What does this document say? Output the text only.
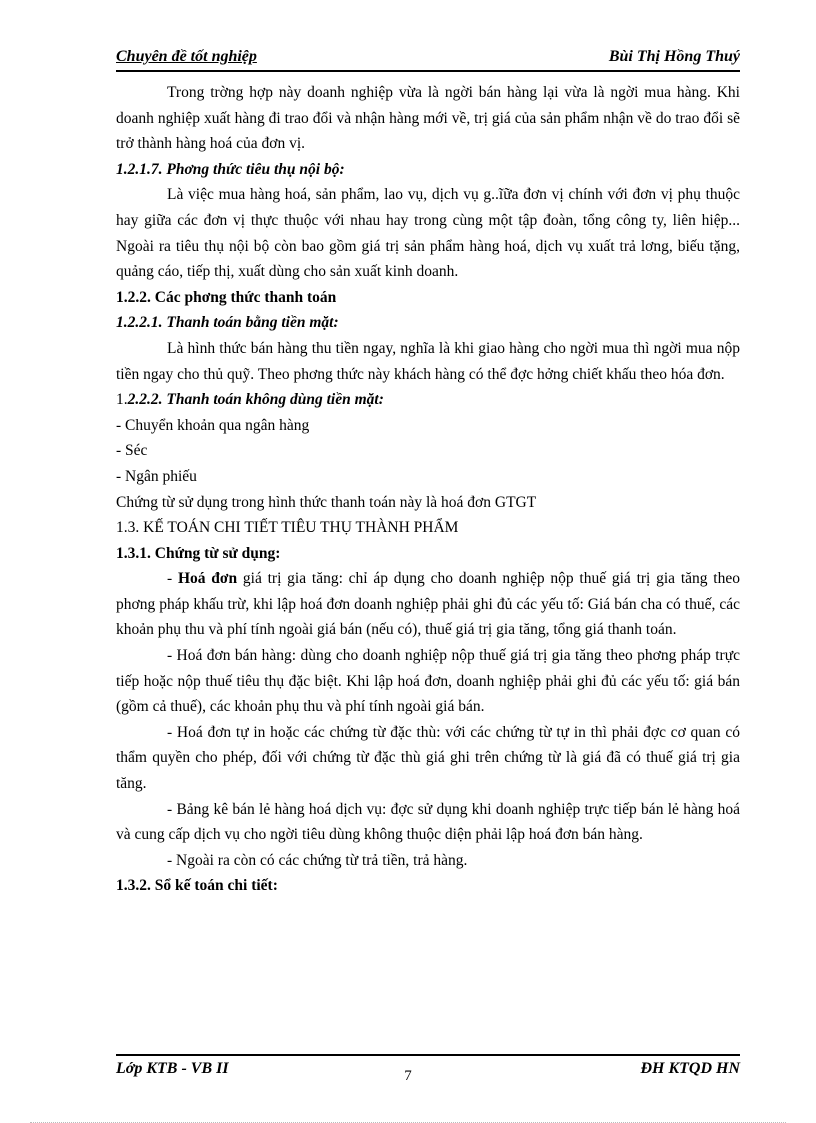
Chuyên đề tốt nghiệp	Bùi Thị Hồng Thuý

Trong trờng hợp này doanh nghiệp vừa là ngời bán hàng lại vừa là ngời mua hàng. Khi doanh nghiệp xuất hàng đi trao đổi và nhận hàng mới về, trị giá của sản phẩm nhận về do trao đổi sẽ trở thành hàng hoá của đơn vị.

1.2.1.7. Phơng thức tiêu thụ nội bộ:

Là việc mua hàng hoá, sản phẩm, lao vụ, dịch vụ g..ĩữa đơn vị chính với đơn vị phụ thuộc hay giữa các đơn vị thực thuộc với nhau hay trong cùng một tập đoàn, tổng công ty, liên hiệp... Ngoài ra tiêu thụ nội bộ còn bao gồm giá trị sản phẩm hàng hoá, dịch vụ xuất trả lơng, biếu tặng, quảng cáo, tiếp thị, xuất dùng cho sản xuất kinh doanh.

1.2.2. Các phơng thức thanh toán

1.2.2.1. Thanh toán bằng tiền mặt:

Là hình thức bán hàng thu tiền ngay, nghĩa là khi giao hàng cho ngời mua thì ngời mua nộp tiền ngay cho thủ quỹ. Theo phơng thức này khách hàng có thể đợc hởng chiết khấu theo hóa đơn.

1.2.2.2. Thanh toán không dùng tiền mặt:

- Chuyển khoản qua ngân hàng

- Séc

- Ngân phiếu

Chứng từ sử dụng trong hình thức thanh toán này là hoá đơn GTGT

1.3. KẾ TOÁN CHI TIẾT TIÊU THỤ THÀNH PHẨM

1.3.1. Chứng từ sử dụng:

- Hoá đơn giá trị gia tăng: chỉ áp dụng cho doanh nghiệp nộp thuế giá trị gia tăng theo phơng pháp khấu trừ, khi lập hoá đơn doanh nghiệp phải ghi đủ các yếu tố: Giá bán cha có thuế, các khoản phụ thu và phí tính ngoài giá bán (nếu có), thuế giá trị gia tăng, tổng giá thanh toán.

- Hoá đơn bán hàng: dùng cho doanh nghiệp nộp thuế giá trị gia tăng theo phơng pháp trực tiếp hoặc nộp thuế tiêu thụ đặc biệt. Khi lập hoá đơn, doanh nghiệp phải ghi đủ các yếu tố: giá bán (gồm cả thuế), các khoản phụ thu và phí tính ngoài giá bán.

- Hoá đơn tự in hoặc các chứng từ đặc thù: với các chứng từ tự in thì phải đợc cơ quan có thẩm quyền cho phép, đối với chứng từ đặc thù giá ghi trên chứng từ là giá đã có thuế giá trị gia tăng.

- Bảng kê bán lẻ hàng hoá dịch vụ: đợc sử dụng khi doanh nghiệp trực tiếp bán lẻ hàng hoá và cung cấp dịch vụ cho ngời tiêu dùng không thuộc diện phải lập hoá đơn bán hàng.

- Ngoài ra còn có các chứng từ trả tiền, trả hàng.

1.3.2. Sổ kế toán chi tiết:

Lớp KTB - VB II	ĐH KTQD HN
7
